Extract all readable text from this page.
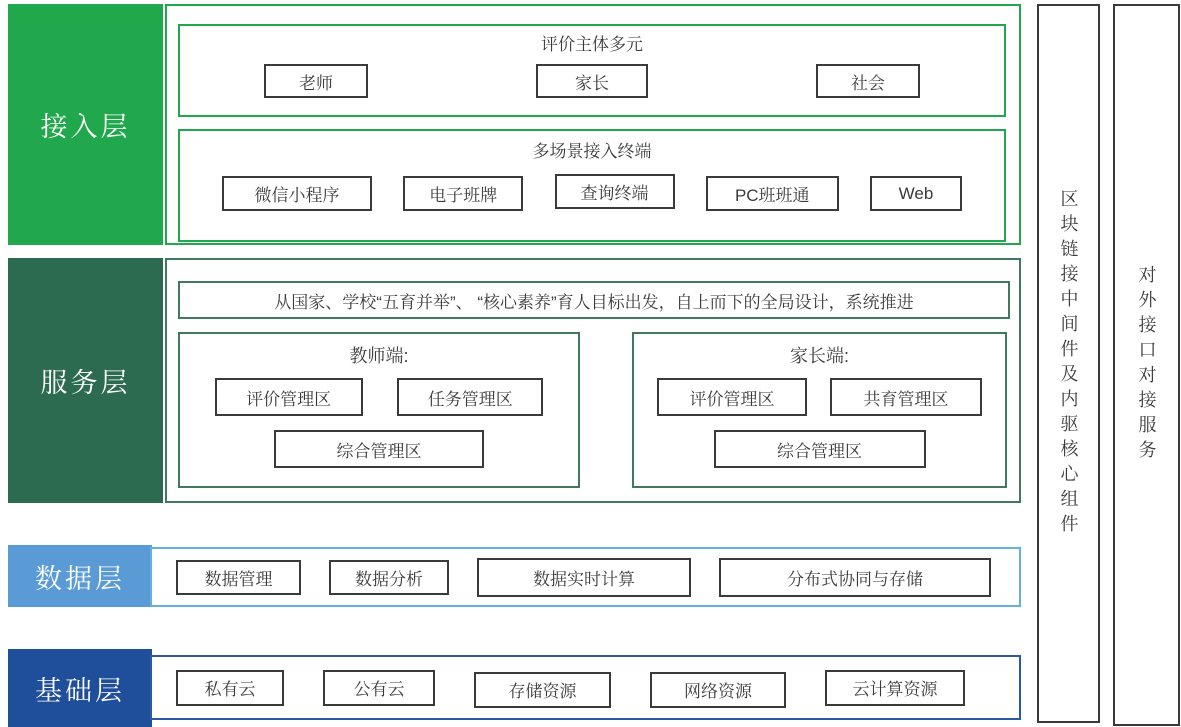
接入层
评价主体多元
老师	家长	社会
多场景接入终端
微信小程序	电子班牌	查询终端	PC班班通	Web
服务层
从国家、学校“五育并举”、 “核心素养”育人目标出发，自上而下的全局设计，系统推进
教师端:
评价管理区	任务管理区
综合管理区
家长端:
评价管理区	共育管理区
综合管理区
数据层	数据管理	数据分析	数据实时计算	分布式协同与存储
基础层	私有云	公有云	存储资源	网络资源	云计算资源
区块链接中间件及内驱核心组件	对外接口对接服务
